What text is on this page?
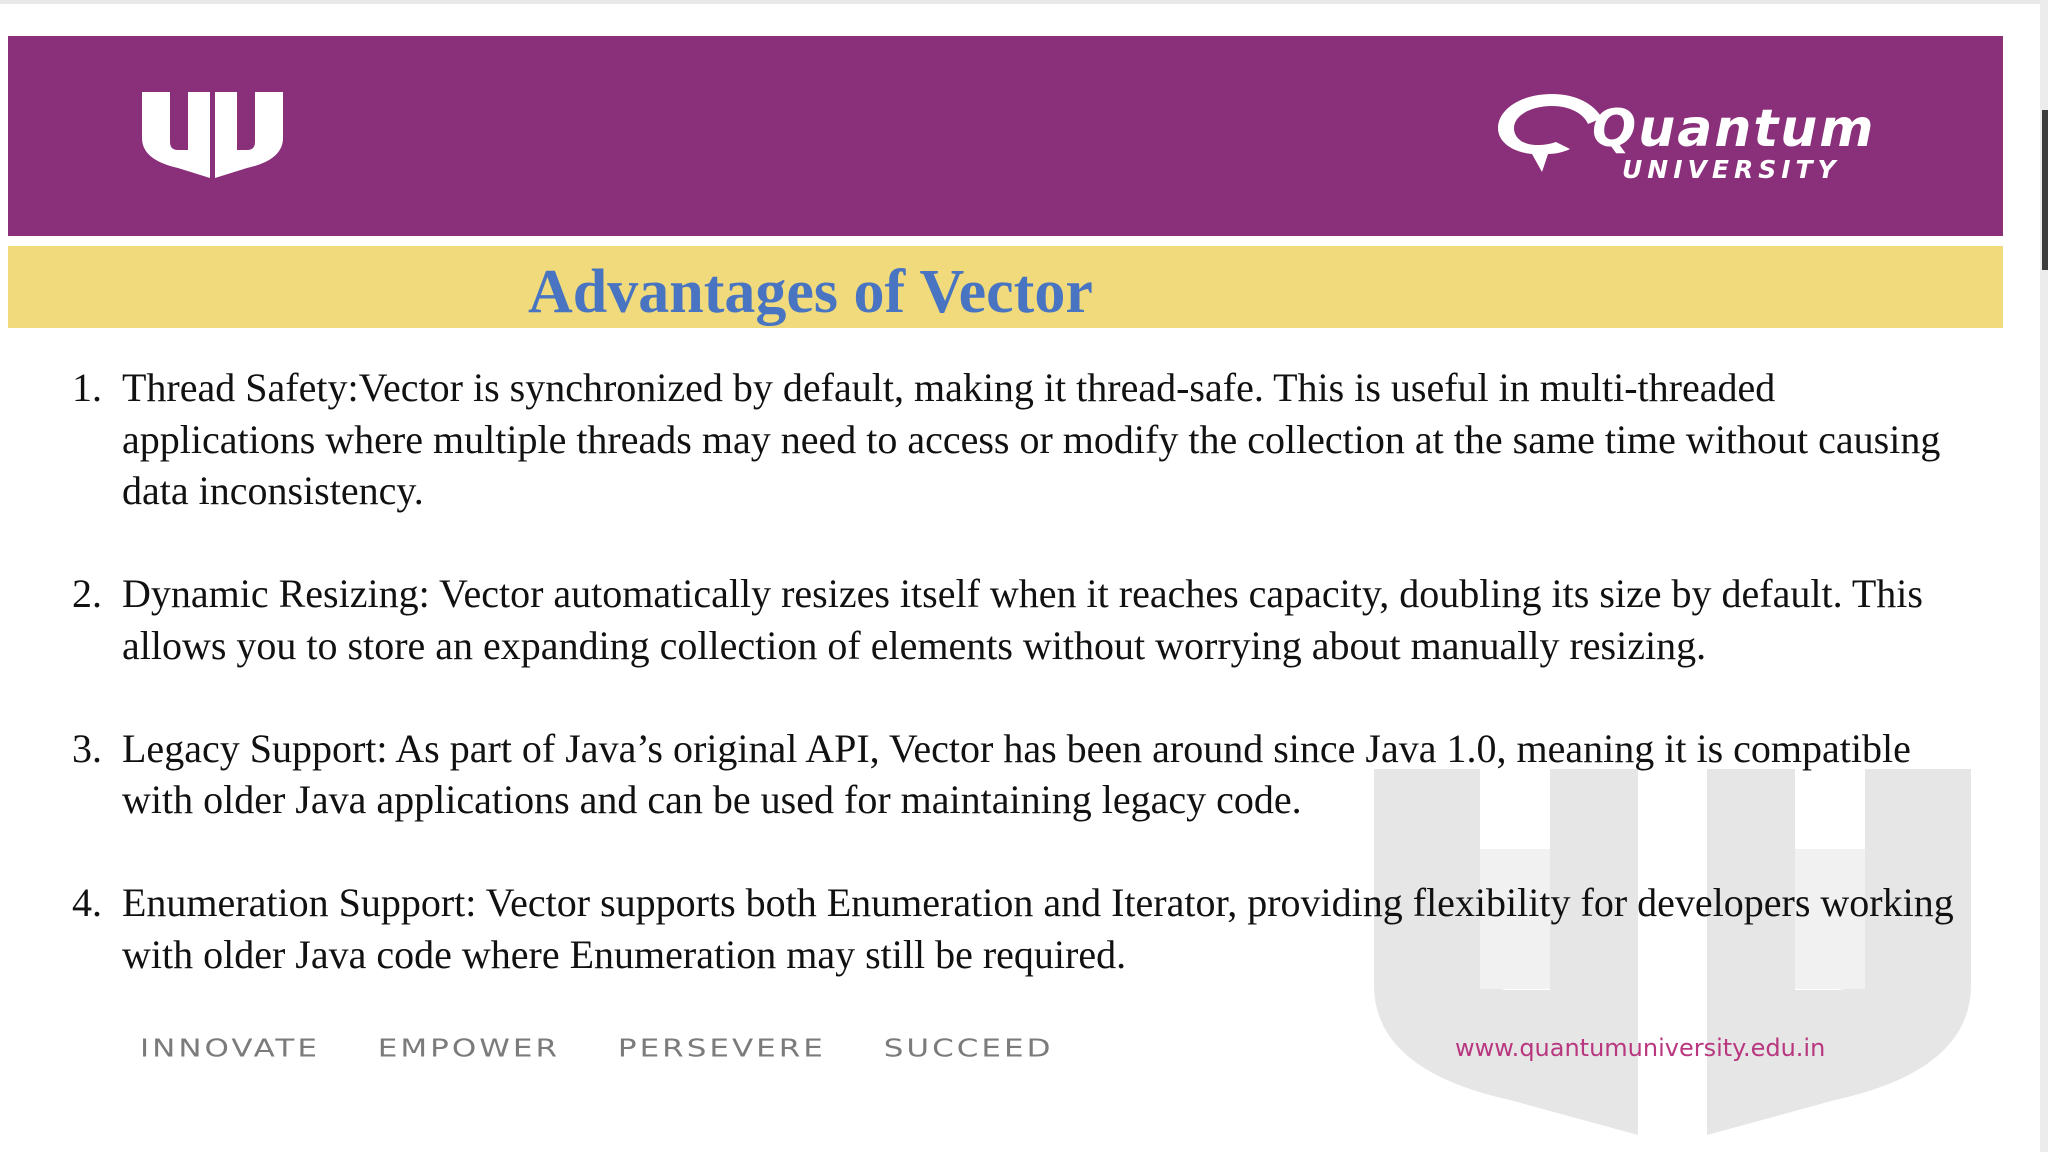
Quantum
UNIVERSITY
Advantages of Vector
1. Thread Safety:Vector is synchronized by default, making it thread-safe. This is useful in multi-threaded applications where multiple threads may need to access or modify the collection at the same time without causing data inconsistency.
2. Dynamic Resizing: Vector automatically resizes itself when it reaches capacity, doubling its size by default. This allows you to store an expanding collection of elements without worrying about manually resizing.
3. Legacy Support: As part of Java’s original API, Vector has been around since Java 1.0, meaning it is compatible with older Java applications and can be used for maintaining legacy code.
4. Enumeration Support: Vector supports both Enumeration and Iterator, providing flexibility for developers working with older Java code where Enumeration may still be required.
INNOVATE EMPOWER PERSEVERE SUCCEED	www.quantumuniversity.edu.in
